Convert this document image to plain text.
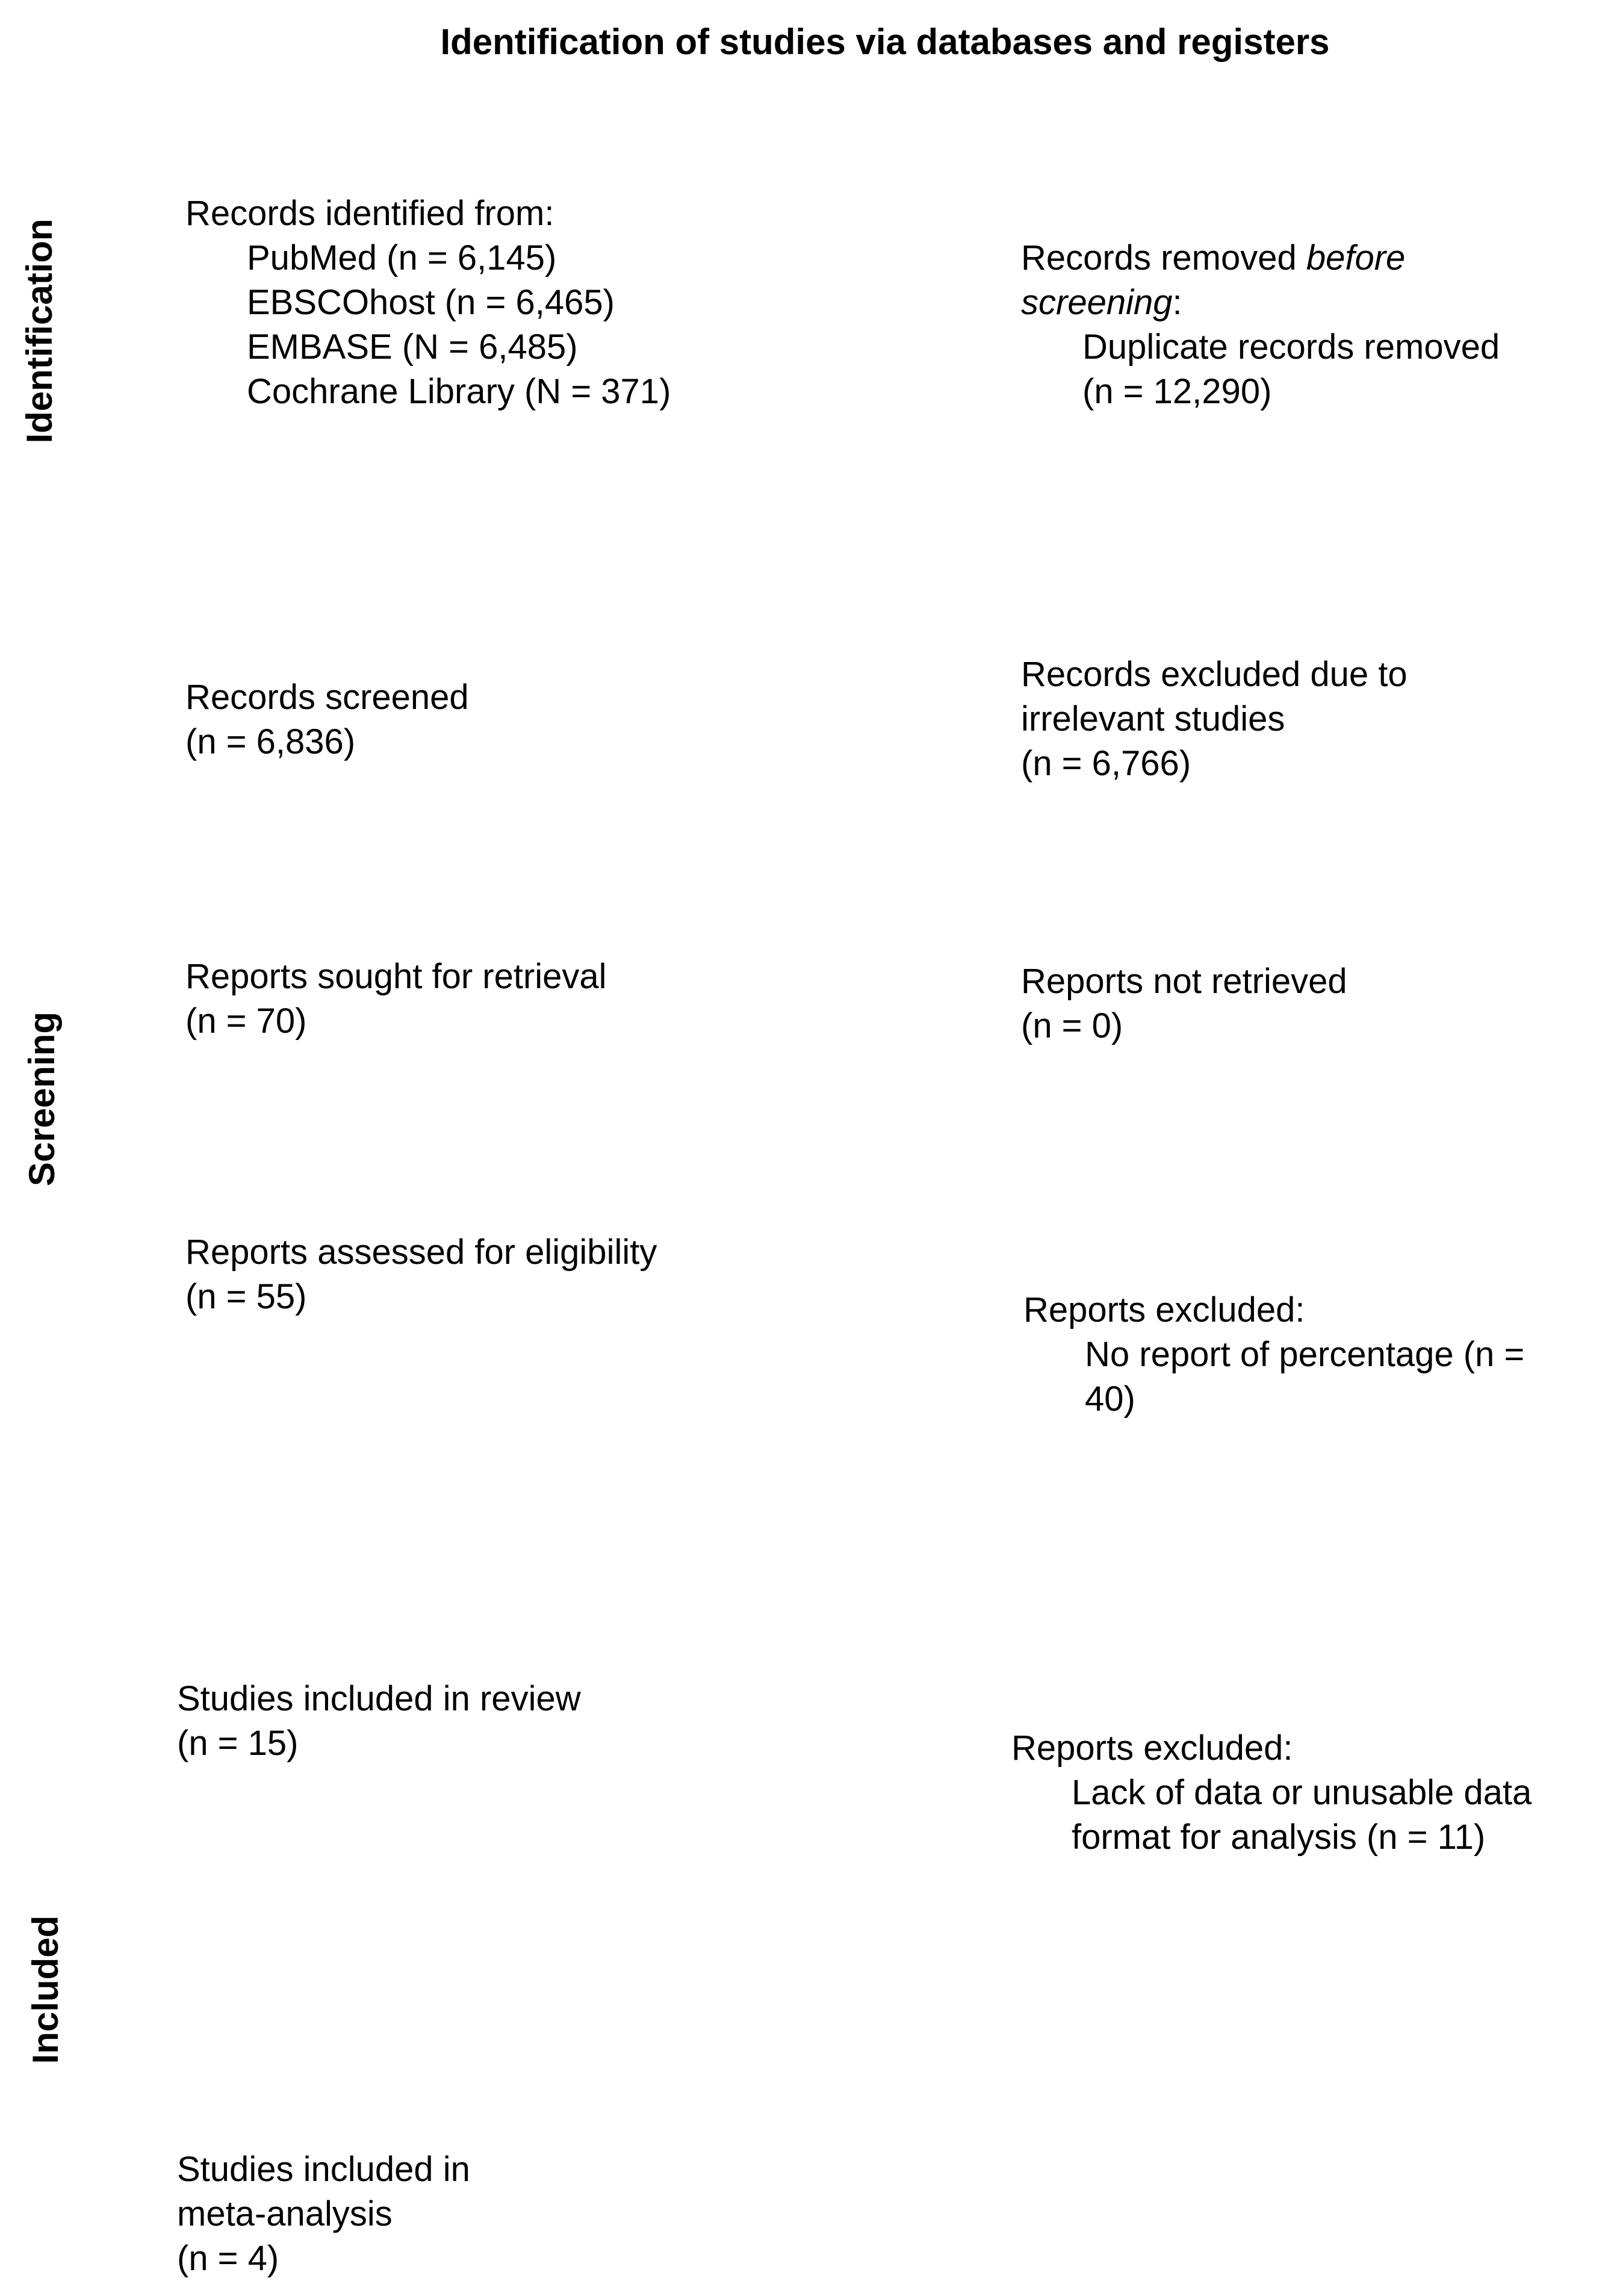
Identification of studies via databases and registers
Identification
Screening
Included
Records identified from:
PubMed (n = 6,145)
EBSCOhost (n = 6,465)
EMBASE (N = 6,485)
Cochrane Library (N = 371)
Records removed before
screening:
Duplicate records removed
(n = 12,290)
Records screened
(n = 6,836)
Records excluded due to
irrelevant studies
(n = 6,766)
Reports sought for retrieval
(n = 70)
Reports not retrieved
(n = 0)
Reports assessed for eligibility
(n = 55)	Reports excluded:
No report of percentage (n =
40)
Studies included in review
(n = 15)	Reports excluded:
Lack of data or unusable data
format for analysis (n = 11)
Studies included in
meta-analysis
(n = 4)
